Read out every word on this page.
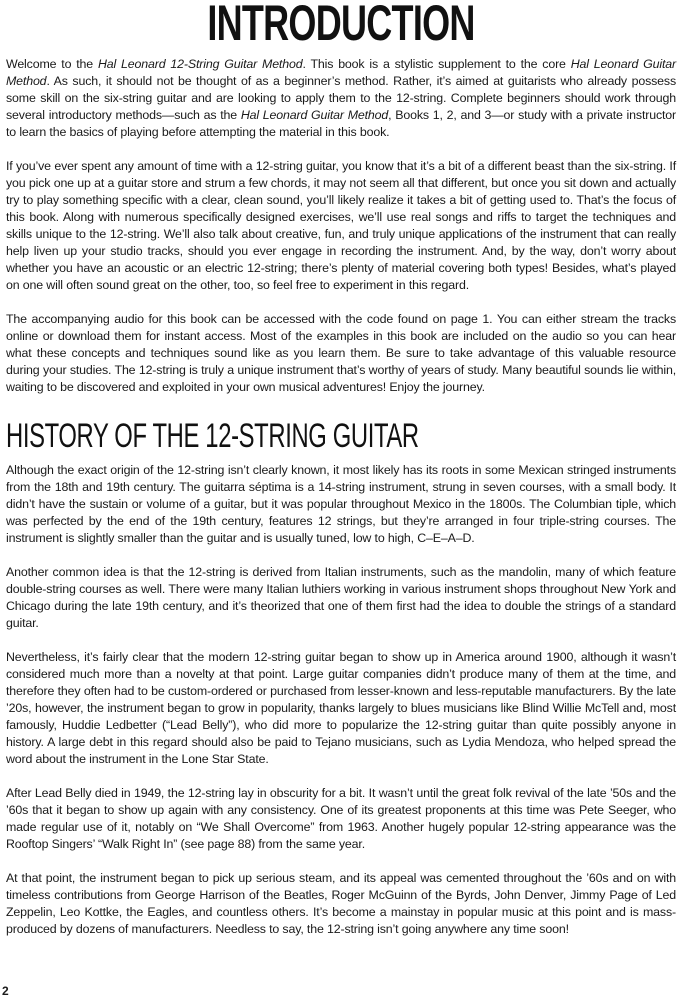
INTRODUCTION

Welcome to the Hal Leonard 12-String Guitar Method. This book is a stylistic supplement to the core Hal Leonard Guitar Method. As such, it should not be thought of as a beginner’s method. Rather, it’s aimed at guitarists who already possess some skill on the six-string guitar and are looking to apply them to the 12-string. Complete beginners should work through several introductory methods—such as the Hal Leonard Guitar Method, Books 1, 2, and 3—or study with a private instructor to learn the basics of playing before attempting the material in this book.

If you’ve ever spent any amount of time with a 12-string guitar, you know that it’s a bit of a different beast than the six-string. If you pick one up at a guitar store and strum a few chords, it may not seem all that different, but once you sit down and actually try to play something specific with a clear, clean sound, you’ll likely realize it takes a bit of getting used to. That’s the focus of this book. Along with numerous specifically designed exercises, we’ll use real songs and riffs to target the techniques and skills unique to the 12-string. We’ll also talk about creative, fun, and truly unique applications of the instrument that can really help liven up your studio tracks, should you ever engage in recording the instrument. And, by the way, don’t worry about whether you have an acoustic or an electric 12-string; there’s plenty of material covering both types! Besides, what’s played on one will often sound great on the other, too, so feel free to experiment in this regard.

The accompanying audio for this book can be accessed with the code found on page 1. You can either stream the tracks online or download them for instant access. Most of the examples in this book are included on the audio so you can hear what these concepts and techniques sound like as you learn them. Be sure to take advantage of this valuable resource during your studies. The 12-string is truly a unique instrument that’s worthy of years of study. Many beautiful sounds lie within, waiting to be discovered and exploited in your own musical adventures! Enjoy the journey.

HISTORY OF THE 12-STRING GUITAR

Although the exact origin of the 12-string isn’t clearly known, it most likely has its roots in some Mexican stringed instruments from the 18th and 19th century. The guitarra séptima is a 14-string instrument, strung in seven courses, with a small body. It didn’t have the sustain or volume of a guitar, but it was popular throughout Mexico in the 1800s. The Columbian tiple, which was perfected by the end of the 19th century, features 12 strings, but they’re arranged in four triple-string courses. The instrument is slightly smaller than the guitar and is usually tuned, low to high, C–E–A–D.

Another common idea is that the 12-string is derived from Italian instruments, such as the mandolin, many of which feature double-string courses as well. There were many Italian luthiers working in various instrument shops throughout New York and Chicago during the late 19th century, and it’s theorized that one of them first had the idea to double the strings of a standard guitar.

Nevertheless, it’s fairly clear that the modern 12-string guitar began to show up in America around 1900, although it wasn’t considered much more than a novelty at that point. Large guitar companies didn’t produce many of them at the time, and therefore they often had to be custom-ordered or purchased from lesser-known and less-reputable manufacturers. By the late ’20s, however, the instrument began to grow in popularity, thanks largely to blues musicians like Blind Willie McTell and, most famously, Huddie Ledbetter (“Lead Belly”), who did more to popularize the 12-string guitar than quite possibly anyone in history. A large debt in this regard should also be paid to Tejano musicians, such as Lydia Mendoza, who helped spread the word about the instrument in the Lone Star State.

After Lead Belly died in 1949, the 12-string lay in obscurity for a bit. It wasn’t until the great folk revival of the late ’50s and the ’60s that it began to show up again with any consistency. One of its greatest proponents at this time was Pete Seeger, who made regular use of it, notably on “We Shall Overcome” from 1963. Another hugely popular 12-string appearance was the Rooftop Singers’ “Walk Right In” (see page 88) from the same year.

At that point, the instrument began to pick up serious steam, and its appeal was cemented throughout the ’60s and on with timeless contributions from George Harrison of the Beatles, Roger McGuinn of the Byrds, John Denver, Jimmy Page of Led Zeppelin, Leo Kottke, the Eagles, and countless others. It’s become a mainstay in popular music at this point and is mass-produced by dozens of manufacturers. Needless to say, the 12-string isn’t going anywhere any time soon!

2
